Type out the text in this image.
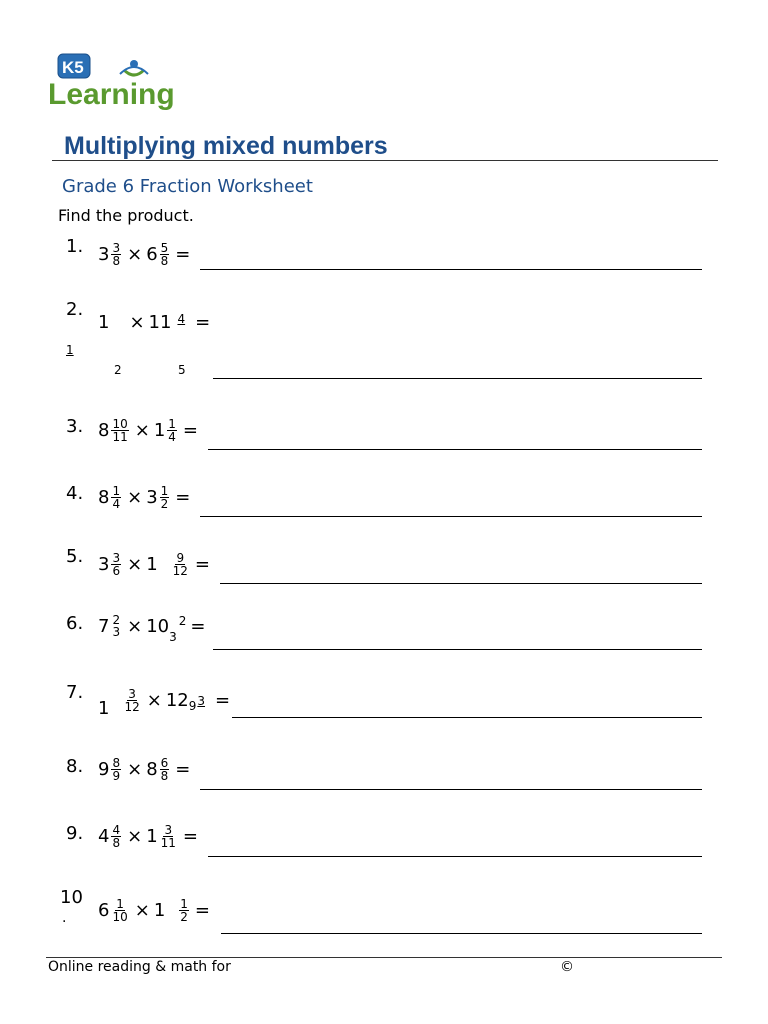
K5
Learning
Multiplying mixed numbers
Grade 6 Fraction Worksheet
Find the product.
1. $3 \frac{3}{8} \times 6 \frac{5}{8}$ =
2.
1 × 11 4 =
1
2	5
3. $8 \frac{10}{11} \times 1 \frac{1}{4}$ =
4. $8 \frac{1}{4} \times 3 \frac{1}{2}$ =
5. $3 \frac{3}{6} \times 1 \frac{9}{12}$ =
6. 7 2
3 × 10
3
2 =
7.
$1 \frac{3}{12} \times 12$ 9 3 =
8. $9 \frac{8}{9} \times 8 \frac{6}{8}$ =
9. $4 \frac{4}{8} \times 1 \frac{3}{11}$ =
10
. $6 \frac{1}{10} \times 1 \frac{1}{2}$ =
Online reading & math for	©
